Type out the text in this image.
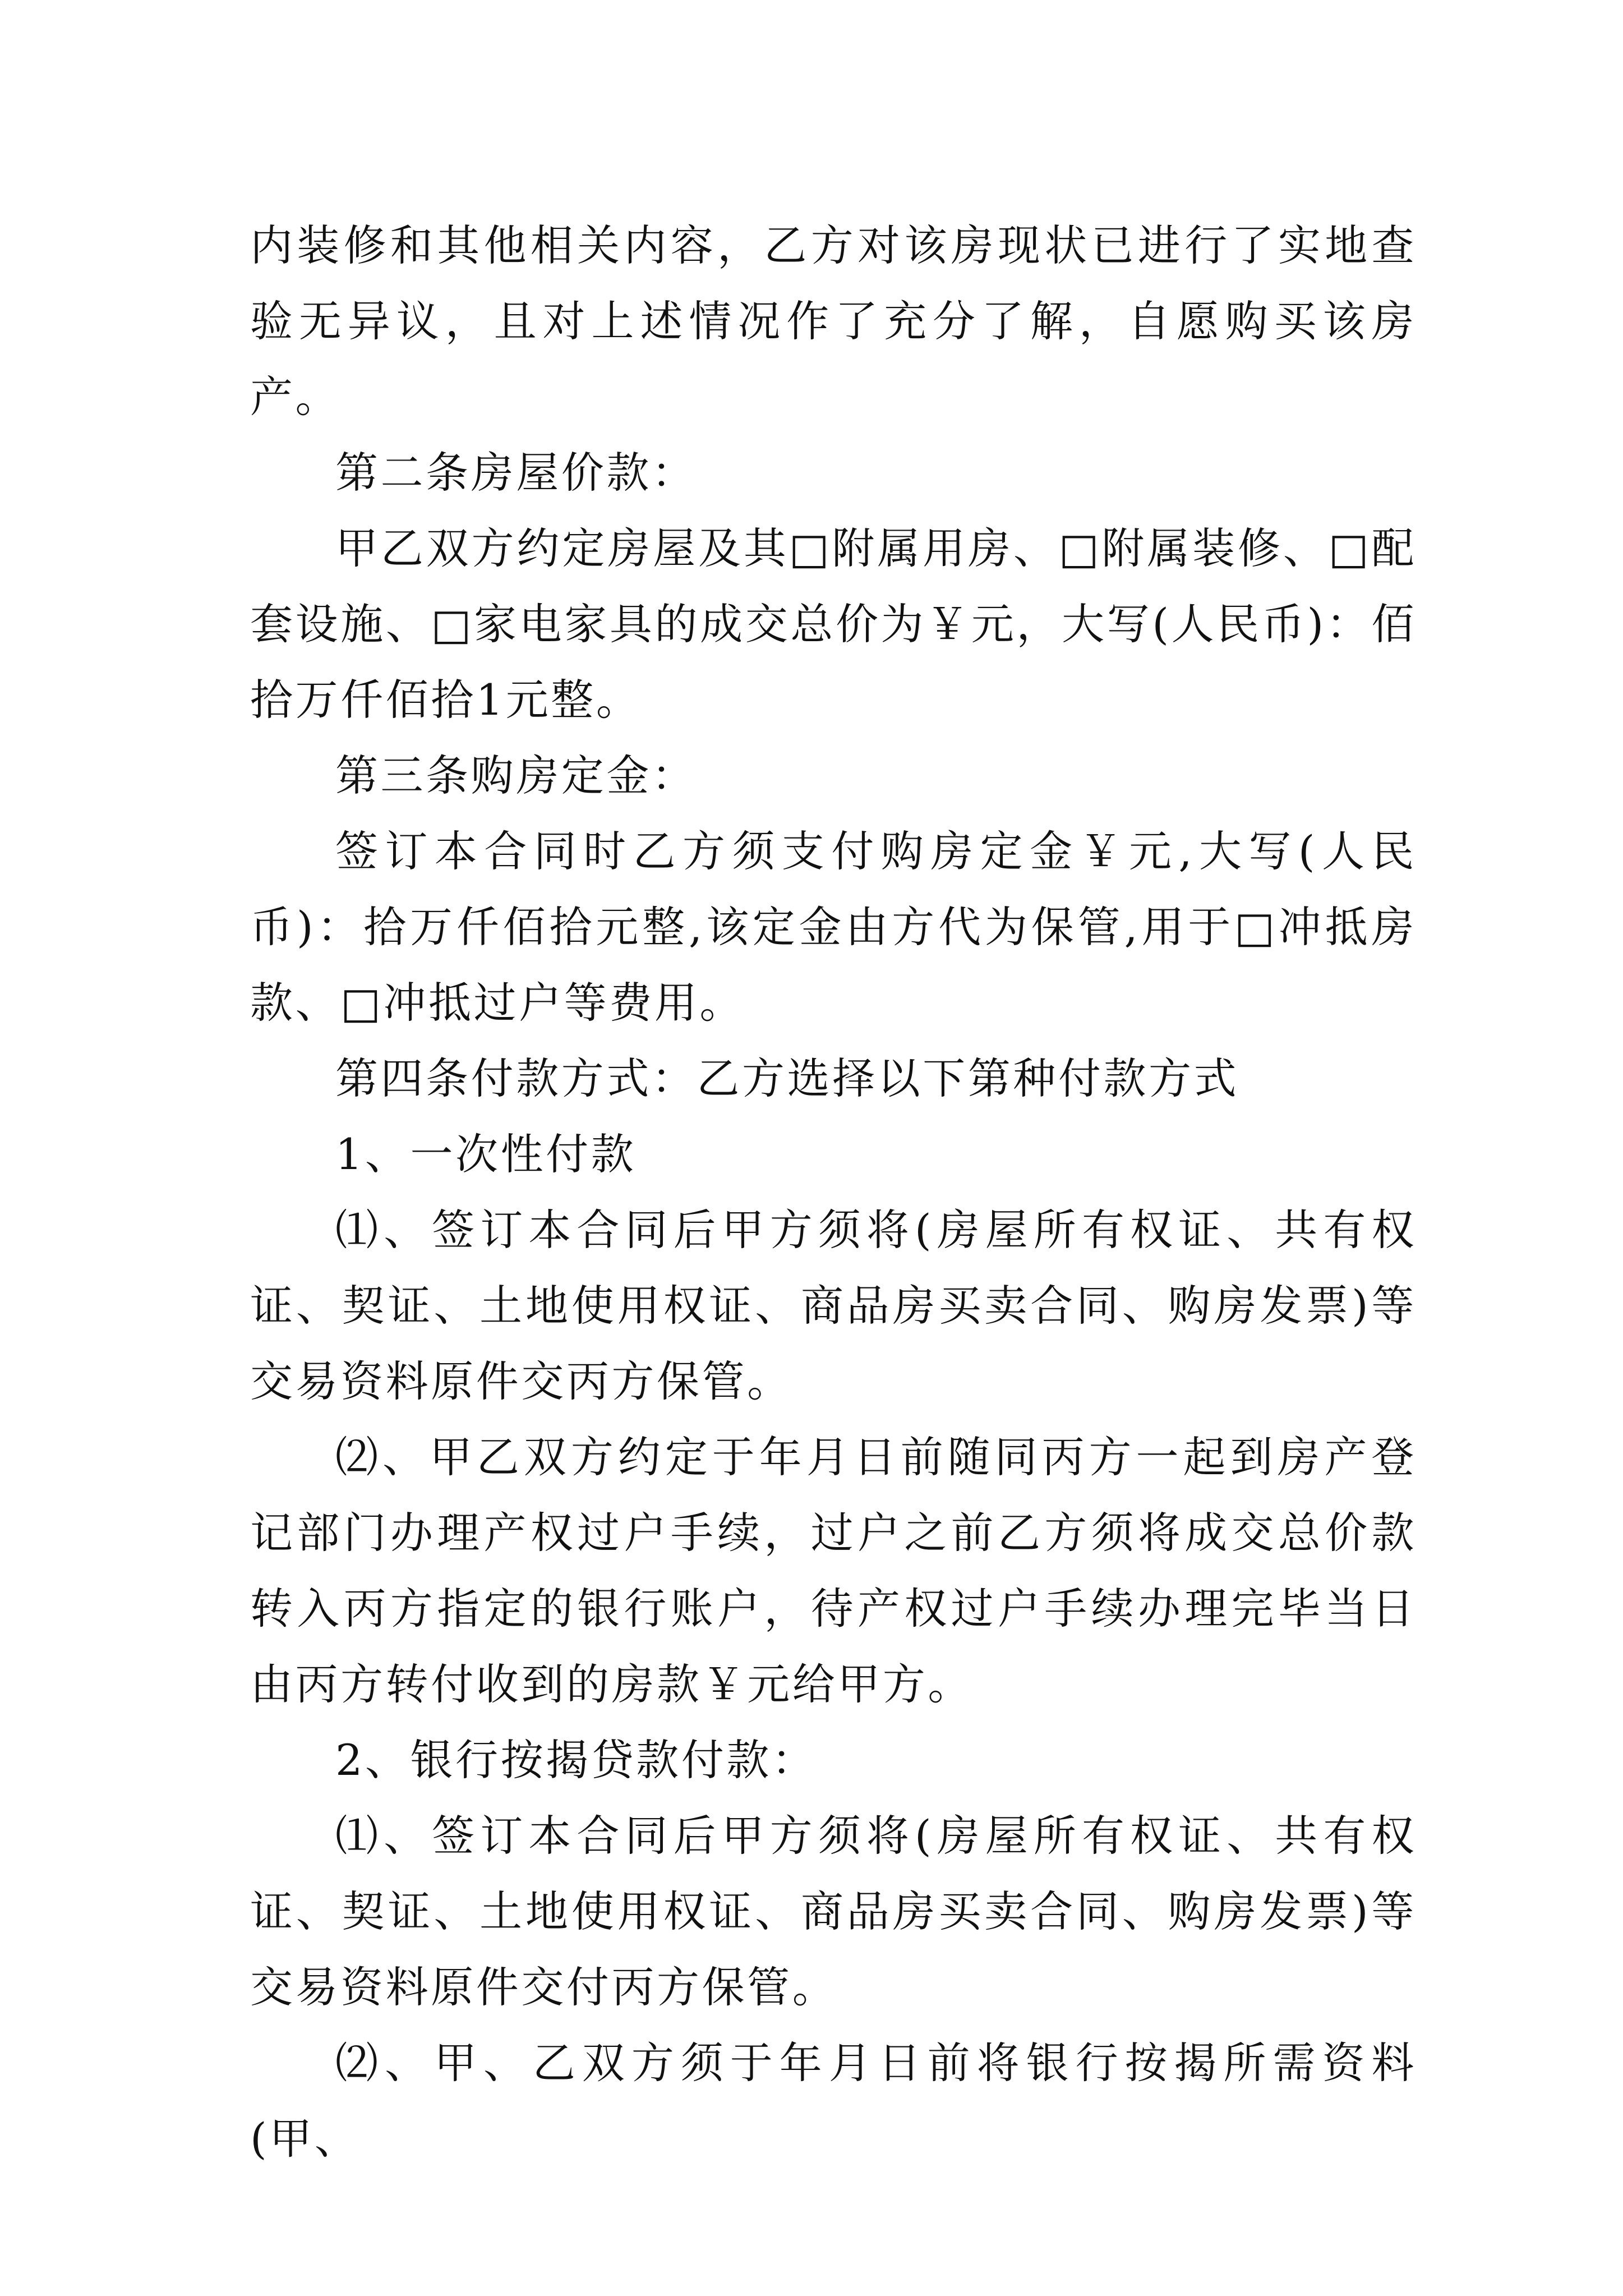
内装修和其他相关内容，乙方对该房现状已进行了实地查验无异议，且对上述情况作了充分了解，自愿购买该房产。

第二条房屋价款：

甲乙双方约定房屋及其□附属用房、□附属装修、□配套设施、□家电家具的成交总价为￥元，大写(人民币)：佰拾万仟佰拾1元整。

第三条购房定金：

签订本合同时乙方须支付购房定金￥元,大写(人民币)：拾万仟佰拾元整,该定金由方代为保管,用于□冲抵房款、□冲抵过户等费用。

第四条付款方式：乙方选择以下第种付款方式

1、一次性付款

⑴、签订本合同后甲方须将(房屋所有权证、共有权证、契证、土地使用权证、商品房买卖合同、购房发票)等交易资料原件交丙方保管。

⑵、甲乙双方约定于年月日前随同丙方一起到房产登记部门办理产权过户手续，过户之前乙方须将成交总价款转入丙方指定的银行账户，待产权过户手续办理完毕当日由丙方转付收到的房款￥元给甲方。

2、银行按揭贷款付款：

⑴、签订本合同后甲方须将(房屋所有权证、共有权证、契证、土地使用权证、商品房买卖合同、购房发票)等交易资料原件交付丙方保管。

⑵、甲、乙双方须于年月日前将银行按揭所需资料(甲、
